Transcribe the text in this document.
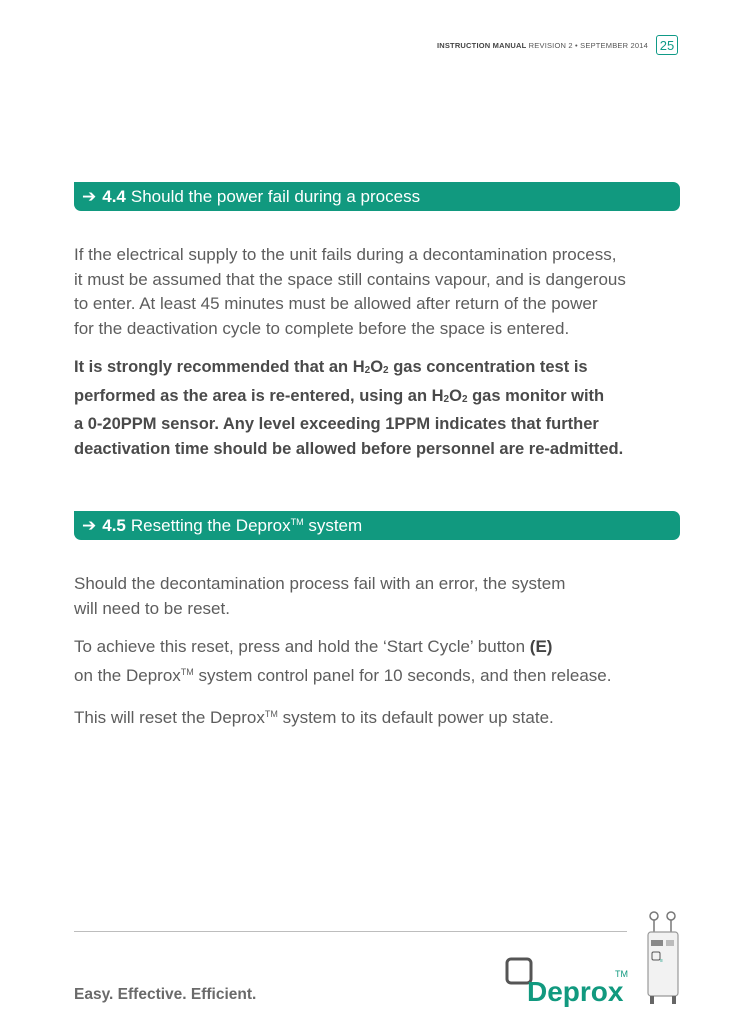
INSTRUCTION MANUAL REVISION 2 • SEPTEMBER 2014 25
➔ 4.4 Should the power fail during a process

If the electrical supply to the unit fails during a decontamination process,

it must be assumed that the space still contains vapour, and is dangerous

to enter. At least 45 minutes must be allowed after return of the power

for the deactivation cycle to complete before the space is entered.

It is strongly recommended that an $H_2O_2$ gas concentration test is

performed as the area is re-entered, using an $H_2O_2$ gas monitor with

a 0-20PPM sensor. Any level exceeding 1PPM indicates that further

deactivation time should be allowed before personnel are re-admitted.

➔ 4.5 Resetting the Deprox™ system

Should the decontamination process fail with an error, the system

will need to be reset.

To achieve this reset, press and hold the ‘Start Cycle’ button (E)

on the Deprox™ system control panel for 10 seconds, and then release.

This will reset the Deprox™ system to its default power up state.

Easy. Effective. Efficient.	Deprox
TM
≡
